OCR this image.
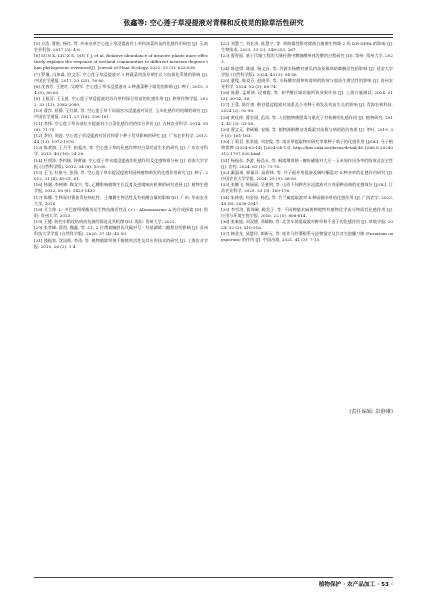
张鑫等: 空心莲子草浸提液对青稞和反枝苋的除草活性研究

[5] 方浩, 曹艳, 杨红, 等. 外来杂草空心莲子草浸提液对小麦和油菜幼苗的化感作用研究 [J]. 云南农业科技, 2017 (5): 4-6.

[6] SUN K, LIU X S, QIN T J, et al. Relative abundance of invasive plants more effectively explains the response of wetland communities to different invasion degrees than phylogenetic evenness[J]. Journal of Plant Ecology, 2022, 15 (3): 625-638.

[7] 罗瑾, 冯炜淼, 欧文军. 空心莲子草浸提液对 3 种蔬菜幼苗早期生长与抗氧化系统的影响 [J]. 中国农学通报, 2017, 33 (25): 76-80.

[8] 沈春芳, 王艳红, 吴晓军. 空心莲子草水浸提液对 3 种蔬菜种子萌发的影响 [J]. 种子, 2015, 34 (5): 80-83.

[9] 王旭萍, 王玉兹. 空心莲子草浸提液对苏丹草和绿豆幼苗的化感作用 [J]. 热带作物学报, 2022, 33 (11): 2083-2090.

[10] 曹彦, 屈静, 王红斌, 等. 空心莲子草不同器官水浸提液对莴苣, 玉米化感作用机制的研究 [J]. 中国农学通报, 2011, 27 (18): 158-161.

[11] 李锋. 空心莲子草各部位水提液对小白菜化感作用的综合评价 [J]. 吉林农业科学, 2014, 39 (6): 71-75.

[12] 李伯, 周进. 空心莲子草浸提液对莴苣和萝卜种子发芽影响的研究 [J]. 广东农业科学, 2013, 44 (12): 1972-1976.

[13] 陈欢润, 王月平, 柏超杰, 等. 空心莲子草的化感作物对白菜幼苗生长的研究 [J]. 广东农业科学, 2013, 40 (16): 24-28.

[14] 杜照涛, 李钧顾, 钟黄诚. 空心莲子草水提浸提液的化感作用及化感物质分析 [J]. 西南大学学报 (自然科学版), 2012, 34 (8): 53-60.

[15] 王飞, 杜康兮, 张强, 等. 空心莲子草水提浸提液对园林植物萌发的化感作用研究 [J]. 种子, 2012, 31 (4): 49-51, 61.

[16] 林涵, 李树林, 陶龙兴, 等. 乙酸影响植物生长反育及逆境响应机制的研究进展 [J]. 植物生理学报, 2022, 58 (8): 1423-1430

[17] 陈娜. 生物炭对番茄青枯病抗性、土壤微生物活性及有机酸含量的影响 [D]. 广州: 华南农业大学, 2016.

[18] 艾立坤. L- 多巴胺吲哚酯类衍生物抗菌活性及 (+) - Altenuisarine A 的合成探索 [D]. 贵阳: 贵州大学, 2023.

[19] 王捷. 防控水稻纹枯病拮抗菌的筛选及其机理 [D]. 贵阳: 贵州大学, 2022.

[20] 张孝峰, 薛凯, 魏鑫, 等. C1, 2 位羧氧胸胖丙戊碳对号 - 羟基湖烯二醋甜苷的影响 [J]. 苏州科技大学学报 (自然科学版), 2020, 37 (4): 45-50.

[21] 钱振容, 沈国辉, 李涛, 等. 植物菌除草剂千醇烯草活性及其应用技术的研究 [J]. 上海农业学报, 2010, 26 (2): 1-4.

[22] 刘慧兰, 刘宏涛, 陈慧宁, 等. 黄曲霉性附对烯曲白菌菌生物降 2 的 DH-DPPA 的影响 [J]. 生物技术, 2023, 33 (2): 248-253, 267.

[23] 曹智丽. 基于代谢工程的大肠杆菌中鹅腺酸单体发酵的过程研究 [D]. 常州: 常州大学, 2023.

[24] 陈进摩, 陈励, 杨文昌, 等. 外源水杨酸对黄瓜幼苗灰霉病防御酶活性的影响 [J]. 延安大学学报 (自然科学版), 2024, 43 (3): 54-58.

[25] 董俊, 陈爱芬, 赵晓华, 等. 水杨酸对烟草病毒病的防效与烟苗生理活性的影响 [J]. 贵州农业科学, 2024, 52 (3): 68-74.

[26] 陈静, 孟妍妍, 段雍霞, 等. 苯甲酸区域切施钙致效果评价 [J]. 上海计量测试, 2024, 51 (2): 30-32, 36.

[27] 王蕾, 陈红康. 酚苷提浸提液对油菜及小麦种子萌发及幼苗生长的影响 [J]. 青海农林科技, 2024 (2): 92-98.

[28] 黄仗梓, 曹宏斑, 范清, 等. 入侵植物菌肥毒与瓶皮子对枝树的化感作用 [J]. 植物研究, 2014, 41 (3): 53-58.

[29] 曹文元, 余硕颖, 安媛, 等. 植物源酚酸杂龙霉素对苗猴与病的防治效果 [J]. 茶叶, 2019, 39 (3): 161-163.

[30] 丁莉君, 张来迪, 刘安俊, 等. 南非草提取物对研究苹果种子萌子的化感作用 [J/OL]. 分子植物育种 (2024-03-14) [2024-08-13]. http://kns.cnki.net/kcms/detail/46.1068.S.20240312.1707.020.html.

[31] 杨振东, 李游, 杨浩永, 等. 枫吡增豪钠 - 噻吩磺隆对大豆一玉米间作田杂草的防效及安全性 [J]. 农药, 2024, 63 (1): 73-78.

[32] 戴淑琦, 邢福洋, 高碧林, 等. 谷子根并用提液及阔叶酮蓝对 4 种杂草的化感作用研究 [J]. 中国农业大学学报, 2024, 29 (9): 38-50.

[33] 张鹏飞, 韩丽丽, 吴斐明, 等. 山西不同种苦水浸提液对万寿菊种苗萌的化感效应 [J/OL]. 江苏农业科学, 2025, 53 (5): 169-176.

[34] 朱林欣, 何金绶, 杨迅, 等. 竹兰属提取液对 4 种园圃杂草的化感作用 [J]. 广西农学, 2023, 40 (8): 2038-2047.

[35] 李雪涛, 曹坤砷, 顾美子, 等. 不同种胁木麻黄种地特有植物化学成分物质其化感作用 [J]. 应用与环境生物学报, 2016, 22 (5): 808-814.

[36] 张秦迪, 刘双德, 邓耀梅, 等. 北美车前提取液对种草和千金子的化感作用 [J]. 草地学报, 2024, 32 (2): 510-516.

[37] 韩金龙, 邱慧玲, 朗新元, 等. 连作马铃薯根系分泌物鉴定及其对尖孢镰刀菌 (Fusarium oxysporum) 的作用 [J]. 中国沙漠, 2021, 41 (3): 7-15.

(责任编辑: 彭静琳)
植物保护 · 农产品加工 · 53 ·
